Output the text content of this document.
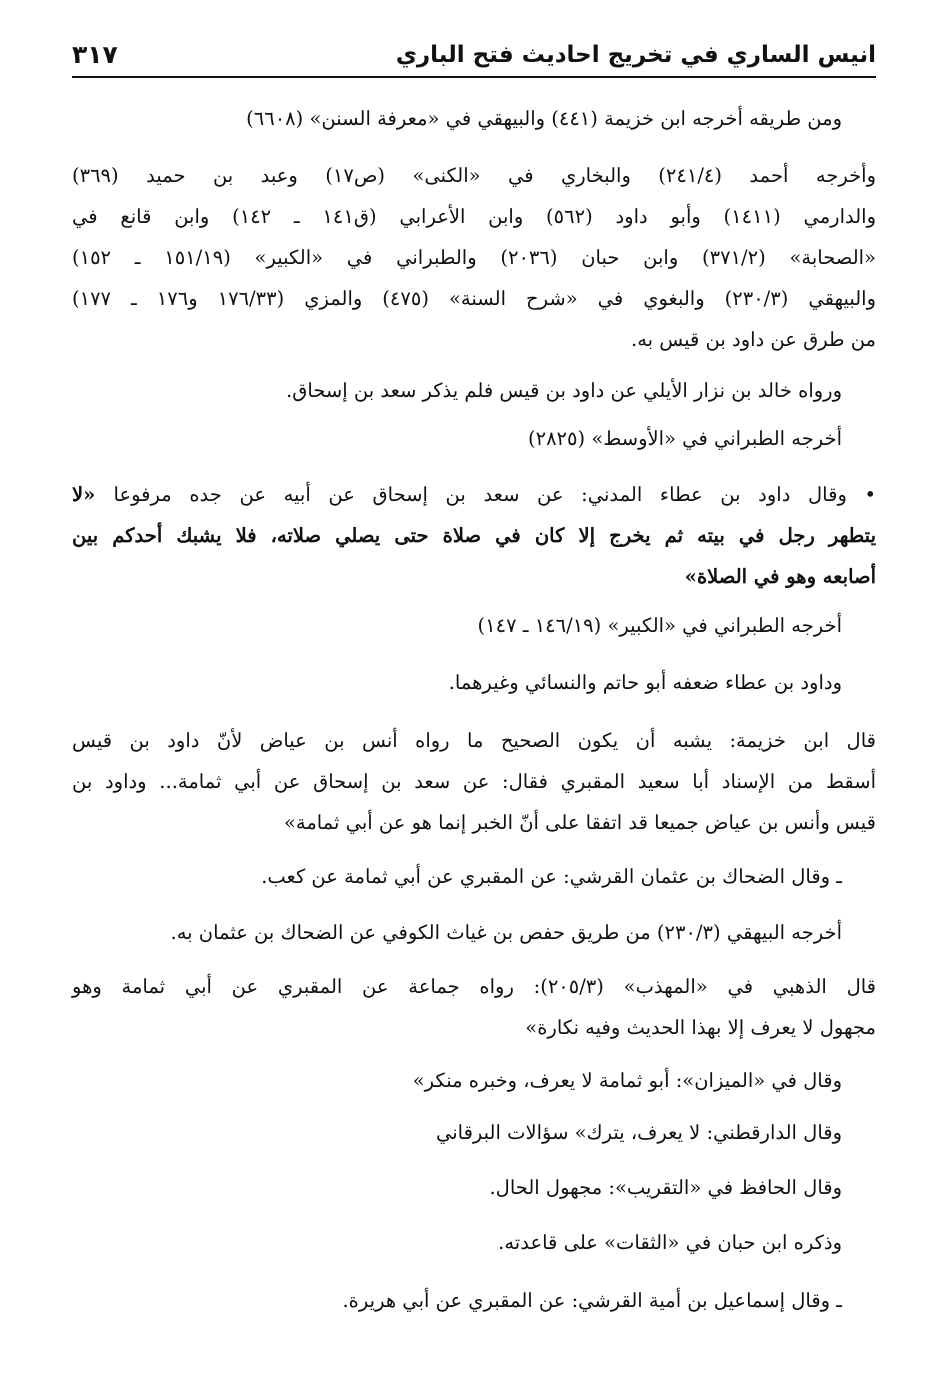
انيس الساري في تخريج احاديث فتح الباري
٣١٧

ومن طريقه أخرجه ابن خزيمة (٤٤١) والبيهقي في «معرفة السنن» (٦٦٠٨)

وأخرجه أحمد (٢٤١/٤) والبخاري في «الكنى» (ص١٧) وعبد بن حميد (٣٦٩)
والدارمي (١٤١١) وأبو داود (٥٦٢) وابن الأعرابي (ق١٤١ ـ ١٤٢) وابن قانع في
«الصحابة» (٣٧١/٢) وابن حبان (٢٠٣٦) والطبراني في «الكبير» (١٥١/١٩ ـ ١٥٢)
والبيهقي (٢٣٠/٣) والبغوي في «شرح السنة» (٤٧٥) والمزي (١٧٦/٣٣ و١٧٦ ـ ١٧٧)
من طرق عن داود بن قيس به.

ورواه خالد بن نزار الأيلي عن داود بن قيس فلم يذكر سعد بن إسحاق.

أخرجه الطبراني في «الأوسط» (٢٨٢٥)

• وقال داود بن عطاء المدني: عن سعد بن إسحاق عن أبيه عن جده مرفوعا «لا
يتطهر رجل في بيته ثم يخرج إلا كان في صلاة حتى يصلي صلاته، فلا يشبك أحدكم بين
أصابعه وهو في الصلاة»

أخرجه الطبراني في «الكبير» (١٤٦/١٩ ـ ١٤٧)

وداود بن عطاء ضعفه أبو حاتم والنسائي وغيرهما.

قال ابن خزيمة: يشبه أن يكون الصحيح ما رواه أنس بن عياض لأنّ داود بن قيس
أسقط من الإسناد أبا سعيد المقبري فقال: عن سعد بن إسحاق عن أبي ثمامة... وداود بن
قيس وأنس بن عياض جميعا قد اتفقا على أنّ الخبر إنما هو عن أبي ثمامة»

ـ وقال الضحاك بن عثمان القرشي: عن المقبري عن أبي ثمامة عن كعب.

أخرجه البيهقي (٢٣٠/٣) من طريق حفص بن غياث الكوفي عن الضحاك بن عثمان به.

قال الذهبي في «المهذب» (٢٠٥/٣): رواه جماعة عن المقبري عن أبي ثمامة وهو
مجهول لا يعرف إلا بهذا الحديث وفيه نكارة»

وقال في «الميزان»: أبو ثمامة لا يعرف، وخبره منكر»

وقال الدارقطني: لا يعرف، يترك» سؤالات البرقاني

وقال الحافظ في «التقريب»: مجهول الحال.

وذكره ابن حبان في «الثقات» على قاعدته.

ـ وقال إسماعيل بن أمية القرشي: عن المقبري عن أبي هريرة.
